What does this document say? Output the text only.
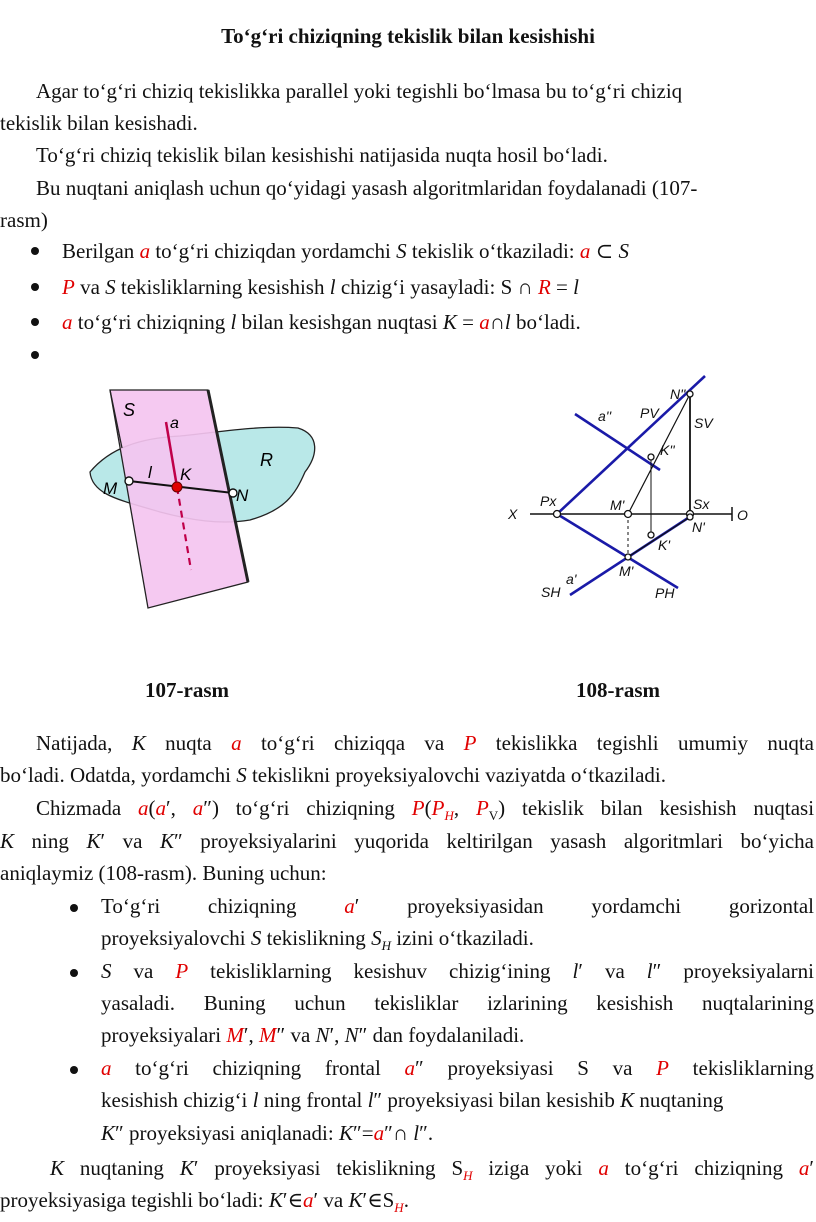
To‘g‘ri chiziqning tekislik bilan kesishishi
Agar to‘g‘ri chiziq tekislikka parallel yoki tegishli bo‘lmasa bu to‘g‘ri chiziq
tekislik bilan kesishadi.
To‘g‘ri chiziq tekislik bilan kesishishi natijasida nuqta hosil bo‘ladi.
Bu nuqtani aniqlash uchun qo‘yidagi yasash algoritmlaridan foydalanadi (107-
rasm)
Berilgan a to‘g‘ri chiziqdan yordamchi S tekislik o‘tkaziladi: a ⊂ S
P va S tekisliklarning kesishish l chizig‘i yasayladi: S ∩ R = l
a to‘g‘ri chiziqning l bilan kesishgan nuqtasi K = a∩l bo‘ladi.
S
a
R
l K
M	N
X	O
Px	M'	Sx
N'
K'
M'
a'
SH	PH
N''
a'' PV
SV
K''
107-rasm	108-rasm
Natijada, K nuqta a to‘g‘ri chiziqqa va P tekislikka tegishli umumiy nuqta
bo‘ladi. Odatda, yordamchi S tekislikni proyeksiyalovchi vaziyatda o‘tkaziladi.
Chizmada a(a′, a″) to‘g‘ri chiziqning $P(P_H$, $P_V$) tekislik bilan kesishish nuqtasi
K ning K′ va K″ proyeksiyalarini yuqorida keltirilgan yasash algoritmlari bo‘yicha
aniqlaymiz (108-rasm). Buning uchun:
To‘g‘ri chiziqning a′ proyeksiyasidan yordamchi gorizontal
proyeksiyalovchi S tekislikning $S_H$ izini o‘tkaziladi.
S va P tekisliklarning kesishuv chizig‘ining l′ va l″ proyeksiyalarni
yasaladi. Buning uchun tekisliklar izlarining kesishish nuqtalarining
proyeksiyalari M′, M″ va N′, N″ dan foydalaniladi.
a to‘g‘ri chiziqning frontal a″ proyeksiyasi S va P tekisliklarning
kesishish chizig‘i l ning frontal l″ proyeksiyasi bilan kesishib K nuqtaning
K″ proyeksiyasi aniqlanadi: K″=a″∩ l″.
K nuqtaning K′ proyeksiyasi tekislikning $S_H$ iziga yoki a to‘g‘ri chiziqning a′
proyeksiyasiga tegishli bo‘ladi: K′∈a′ va $K'\in S_H$.
